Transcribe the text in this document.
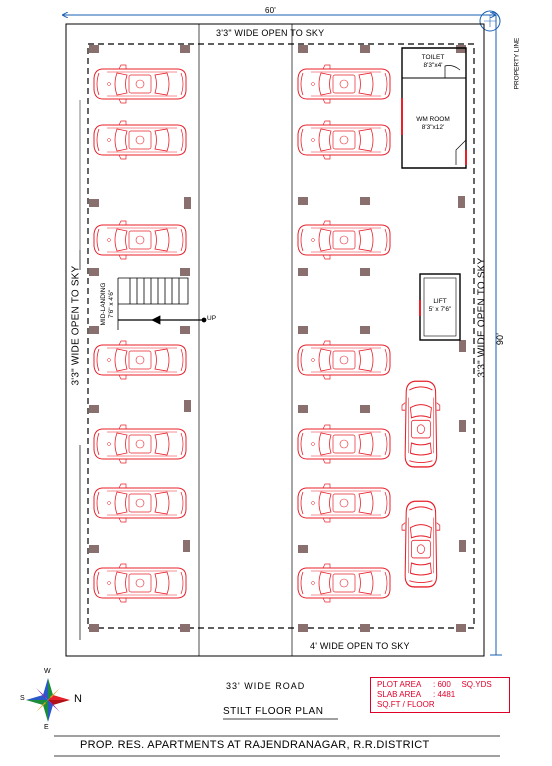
60'
3'3" WIDE OPEN TO SKY
3'3" WIDE OPEN TO SKY	3'3" WIDE OPEN TO SKY
4' WIDE OPEN TO SKY
PROPERTY LINE
90'
TOILET
8'3"x4'
WM ROOM
8'3"x12'
LIFT
5' x 7'6"
MID-LANDING 7'6" x 4'6"
UP
33' WIDE ROAD
STILT FLOOR PLAN
PROP. RES. APARTMENTS AT RAJENDRANAGAR, R.R.DISTRICT
PLOT AREA : 600 SQ.YDS
SLAB AREA : 4481SQ.FT / FLOOR
W
S	N
E
